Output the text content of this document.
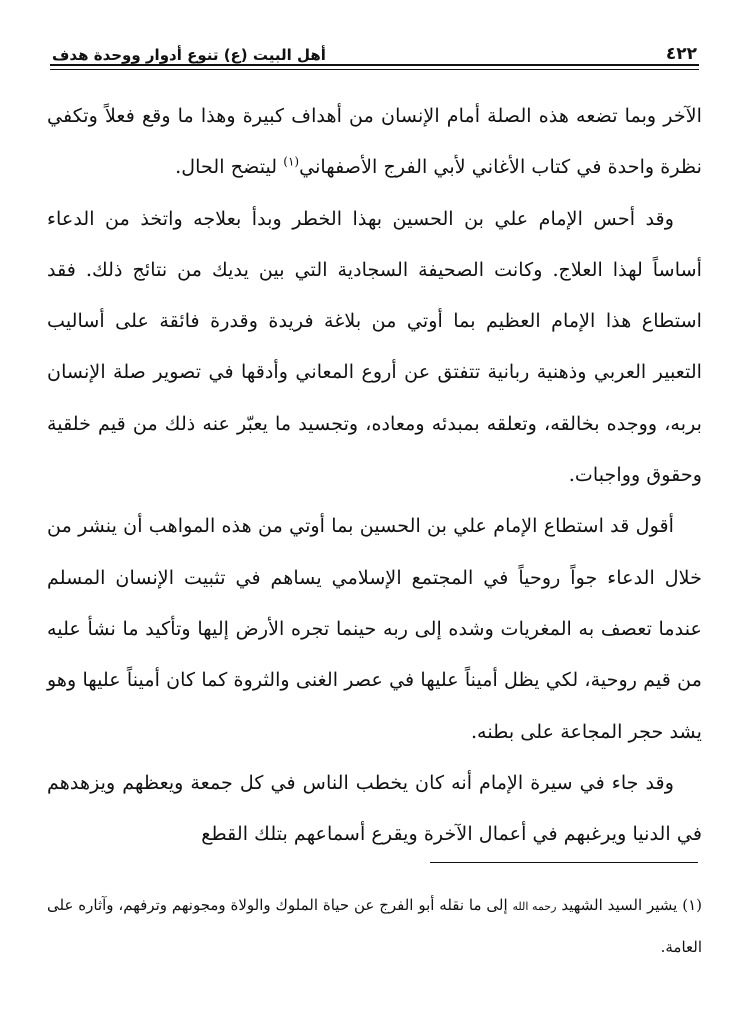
٤٢٢
أهل البيت (ع) تنوع أدوار ووحدة هدف

الآخر وبما تضعه هذه الصلة أمام الإنسان من أهداف كبيرة وهذا ما وقع فعلاً وتكفي نظرة واحدة في كتاب الأغاني لأبي الفرج الأصفهاني$^{(١)}$ ليتضح الحال.

وقد أحس الإمام علي بن الحسين بهذا الخطر وبدأ بعلاجه واتخذ من الدعاء أساساً لهذا العلاج. وكانت الصحيفة السجادية التي بين يديك من نتائج ذلك. فقد استطاع هذا الإمام العظيم بما أوتي من بلاغة فريدة وقدرة فائقة على أساليب التعبير العربي وذهنية ربانية تتفتق عن أروع المعاني وأدقها في تصوير صلة الإنسان بربه، ووجده بخالقه، وتعلقه بمبدئه ومعاده، وتجسيد ما يعبّر عنه ذلك من قيم خلقية وحقوق وواجبات.

أقول قد استطاع الإمام علي بن الحسين بما أوتي من هذه المواهب أن ينشر من خلال الدعاء جواً روحياً في المجتمع الإسلامي يساهم في تثبيت الإنسان المسلم عندما تعصف به المغريات وشده إلى ربه حينما تجره الأرض إليها وتأكيد ما نشأ عليه من قيم روحية، لكي يظل أميناً عليها في عصر الغنى والثروة كما كان أميناً عليها وهو يشد حجر المجاعة على بطنه.

وقد جاء في سيرة الإمام أنه كان يخطب الناس في كل جمعة ويعظهم ويزهدهم في الدنيا ويرغبهم في أعمال الآخرة ويقرع أسماعهم بتلك القطع

(١) يشير السيد الشهيد رحمه الله إلى ما نقله أبو الفرج عن حياة الملوك والولاة ومجونهم وترفهم، وآثاره على العامة.
